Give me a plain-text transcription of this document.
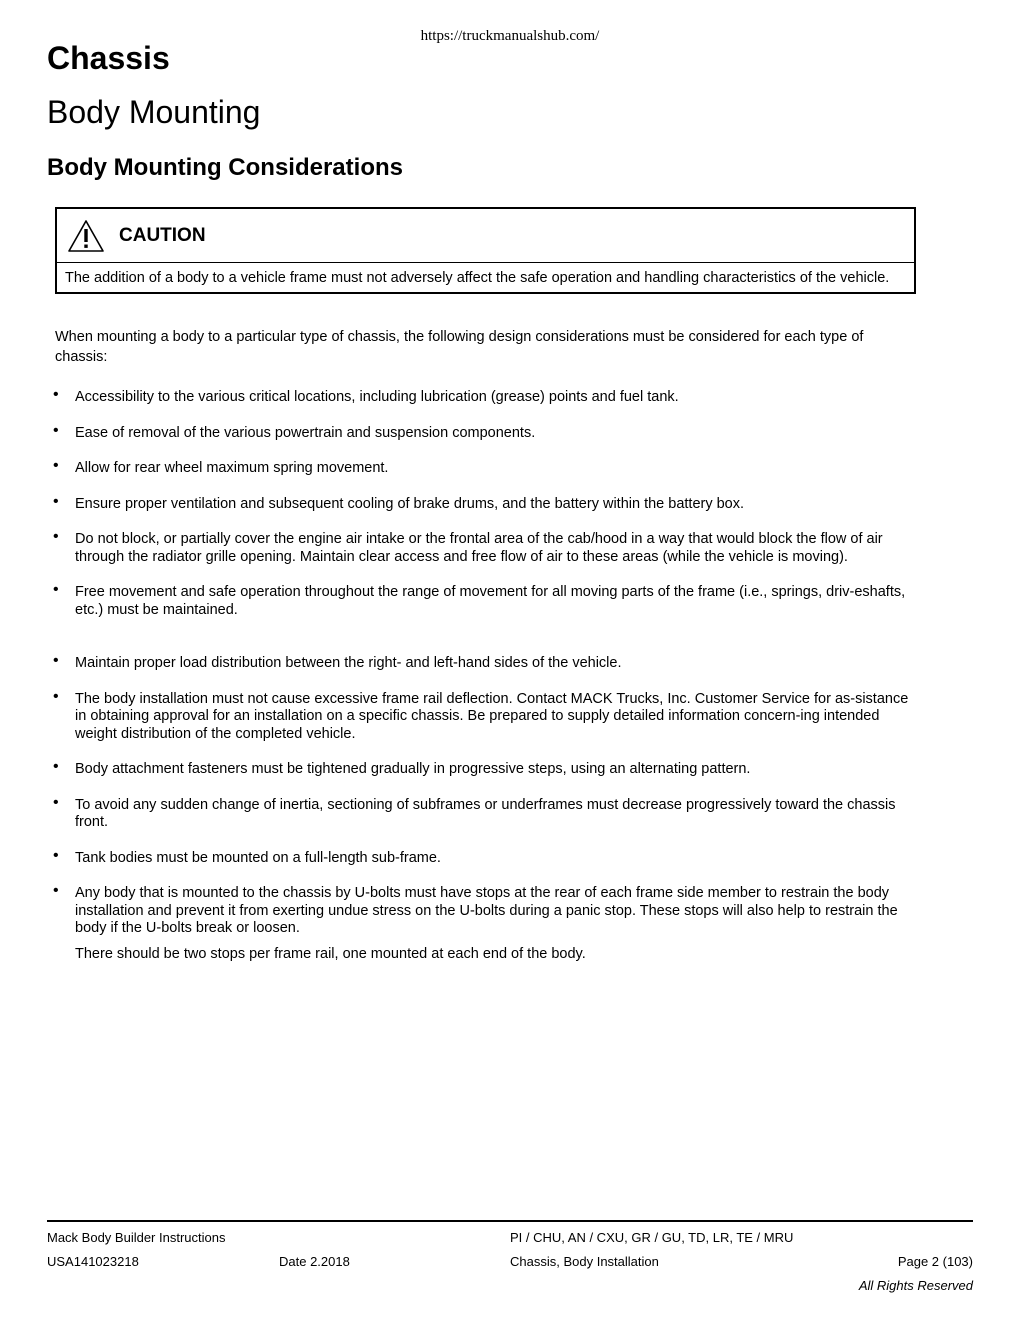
https://truckmanualshub.com/
Chassis
Body Mounting
Body Mounting Considerations
CAUTION
The addition of a body to a vehicle frame must not adversely affect the safe operation and handling characteristics of the vehicle.

When mounting a body to a particular type of chassis, the following design considerations must be considered for each type of chassis:

• Accessibility to the various critical locations, including lubrication (grease) points and fuel tank.
• Ease of removal of the various powertrain and suspension components.
• Allow for rear wheel maximum spring movement.
• Ensure proper ventilation and subsequent cooling of brake drums, and the battery within the battery box.
• Do not block, or partially cover the engine air intake or the frontal area of the cab/hood in a way that would block the flow of air through the radiator grille opening. Maintain clear access and free flow of air to these areas (while the vehicle is moving).
• Free movement and safe operation throughout the range of movement for all moving parts of the frame (i.e., springs, driv-eshafts, etc.) must be maintained.
• Maintain proper load distribution between the right- and left-hand sides of the vehicle.
• The body installation must not cause excessive frame rail deflection. Contact MACK Trucks, Inc. Customer Service for as-sistance in obtaining approval for an installation on a specific chassis. Be prepared to supply detailed information concern-ing intended weight distribution of the completed vehicle.
• Body attachment fasteners must be tightened gradually in progressive steps, using an alternating pattern.
• To avoid any sudden change of inertia, sectioning of subframes or underframes must decrease progressively toward the chassis front.
• Tank bodies must be mounted on a full-length sub-frame.
• Any body that is mounted to the chassis by U-bolts must have stops at the rear of each frame side member to restrain the body installation and prevent it from exerting undue stress on the U-bolts during a panic stop. These stops will also help to restrain the body if the U-bolts break or loosen.
There should be two stops per frame rail, one mounted at each end of the body.
Mack Body Builder Instructions	PI / CHU, AN / CXU, GR / GU, TD, LR, TE / MRU
USA141023218	Date 2.2018	Chassis, Body Installation	Page 2 (103)
All Rights Reserved
